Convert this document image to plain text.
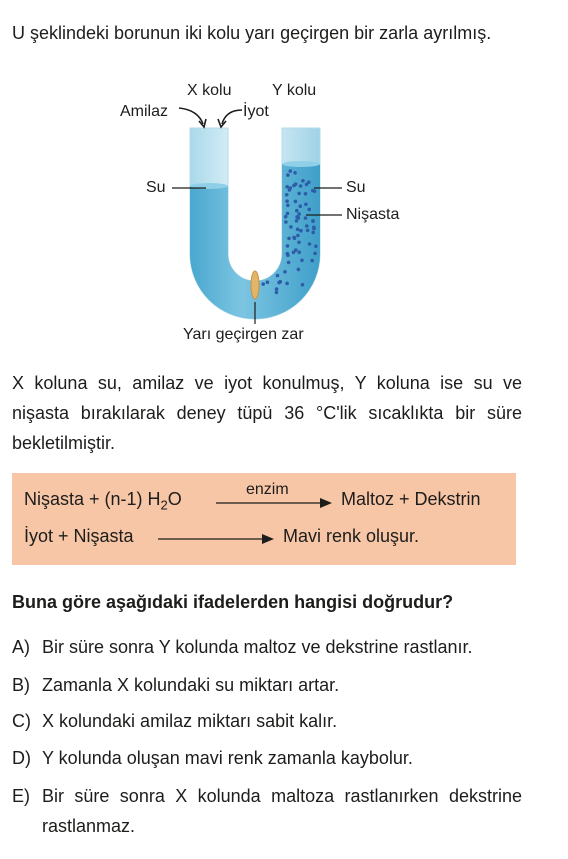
U şeklindeki borunun iki kolu yarı geçirgen bir zarla ayrılmış.
X kolu	Y kolu
Amilaz	İyot
Su	Su
Nişasta
Yarı geçirgen zar
X koluna su, amilaz ve iyot konulmuş, Y koluna ise su ve nişasta bırakılarak deney tüpü 36 °C'lik sıcaklıkta bir süre bekletilmiştir.
Nişasta + (n-1) $H_2O$	enzim	Maltoz + Dekstrin
İyot + Nişasta	Mavi renk oluşur.
Buna göre aşağıdaki ifadelerden hangisi doğrudur?
A) Bir süre sonra Y kolunda maltoz ve dekstrine rastlanır.
B) Zamanla X kolundaki su miktarı artar.
C) X kolundaki amilaz miktarı sabit kalır.
D) Y kolunda oluşan mavi renk zamanla kaybolur.
E) Bir süre sonra X kolunda maltoza rastlanırken dekstrine rastlanmaz.
